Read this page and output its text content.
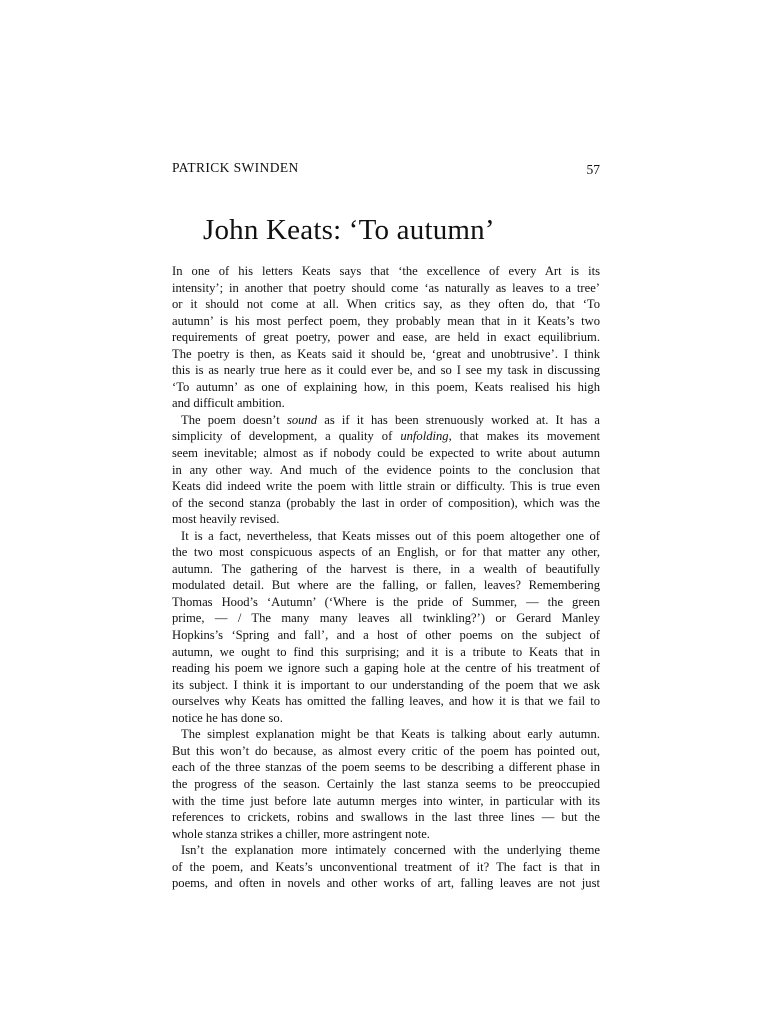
PATRICK SWINDEN	57
John Keats: ‘To autumn’
In one of his letters Keats says that ‘the excellence of every Art is its
intensity’; in another that poetry should come ‘as naturally as leaves to a tree’
or it should not come at all. When critics say, as they often do, that ‘To
autumn’ is his most perfect poem, they probably mean that in it Keats’s two
requirements of great poetry, power and ease, are held in exact equilibrium.
The poetry is then, as Keats said it should be, ‘great and unobtrusive’. I think
this is as nearly true here as it could ever be, and so I see my task in discussing
‘To autumn’ as one of explaining how, in this poem, Keats realised his high
and difficult ambition.
The poem doesn’t sound as if it has been strenuously worked at. It has a
simplicity of development, a quality of unfolding, that makes its movement
seem inevitable; almost as if nobody could be expected to write about autumn
in any other way. And much of the evidence points to the conclusion that
Keats did indeed write the poem with little strain or difficulty. This is true even
of the second stanza (probably the last in order of composition), which was the
most heavily revised.
It is a fact, nevertheless, that Keats misses out of this poem altogether one of
the two most conspicuous aspects of an English, or for that matter any other,
autumn. The gathering of the harvest is there, in a wealth of beautifully
modulated detail. But where are the falling, or fallen, leaves? Remembering
Thomas Hood’s ‘Autumn’ (‘Where is the pride of Summer, — the green
prime, — / The many many leaves all twinkling?’) or Gerard Manley
Hopkins’s ‘Spring and fall’, and a host of other poems on the subject of
autumn, we ought to find this surprising; and it is a tribute to Keats that in
reading his poem we ignore such a gaping hole at the centre of his treatment of
its subject. I think it is important to our understanding of the poem that we ask
ourselves why Keats has omitted the falling leaves, and how it is that we fail to
notice he has done so.
The simplest explanation might be that Keats is talking about early autumn.
But this won’t do because, as almost every critic of the poem has pointed out,
each of the three stanzas of the poem seems to be describing a different phase in
the progress of the season. Certainly the last stanza seems to be preoccupied
with the time just before late autumn merges into winter, in particular with its
references to crickets, robins and swallows in the last three lines — but the
whole stanza strikes a chiller, more astringent note.
Isn’t the explanation more intimately concerned with the underlying theme
of the poem, and Keats’s unconventional treatment of it? The fact is that in
poems, and often in novels and other works of art, falling leaves are not just
